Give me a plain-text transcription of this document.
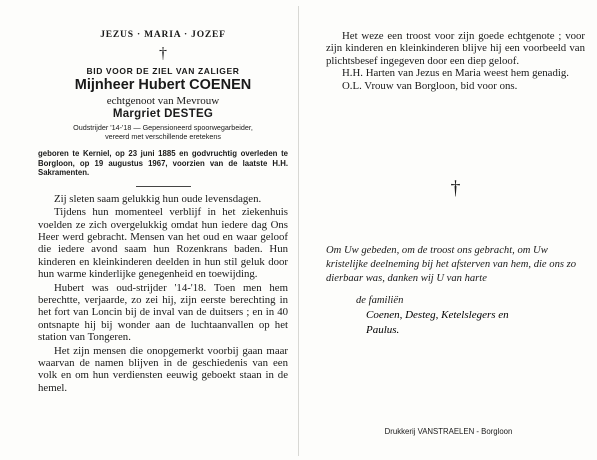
JEZUS · MARIA · JOZEF
†
BID VOOR DE ZIEL VAN ZALIGER
Mijnheer Hubert COENEN
echtgenoot van Mevrouw
Margriet DESTEG
Oudstrijder '14-'18 — Gepensioneerd spoorwegarbeider,
vereerd met verschillende eretekens
geboren te Kerniel, op 23 juni 1885 en godvruchtig overleden te Borgloon, op 19 augustus 1967, voorzien van de laatste H.H. Sakramenten.

Zij sleten saam gelukkig hun oude levensdagen.

Tijdens hun momenteel verblijf in het ziekenhuis voelden ze zich overgelukkig omdat hun iedere dag Ons Heer werd gebracht. Mensen van het oud en waar geloof die iedere avond saam hun Rozenkrans baden. Hun kinderen en kleinkinderen deelden in hun stil geluk door hun warme kinderlijke genegenheid en toewijding.

Hubert was oud-strijder '14-'18. Toen men hem berechtte, verjaarde, zo zei hij, zijn eerste berechting in het fort van Loncin bij de inval van de duitsers ; en in 40 ontsnapte hij bij wonder aan de luchtaanvallen op het station van Tongeren.

Het zijn mensen die onopgemerkt voorbij gaan maar waarvan de namen blijven in de geschiedenis van een volk en om hun verdiensten eeuwig geboekt staan in de hemel.

Het weze een troost voor zijn goede echtgenote ; voor zijn kinderen en kleinkinderen blijve hij een voorbeeld van plichtsbesef ingegeven door een diep geloof.

H.H. Harten van Jezus en Maria weest hem genadig.

O.L. Vrouw van Borgloon, bid voor ons.

†
Om Uw gebeden, om de troost ons gebracht, om Uw kristelijke deelneming bij het afsterven van hem, die ons zo dierbaar was, danken wij U van harte
de familiën
Coenen, Desteg, Ketelslegers en
Paulus.
Drukkerij VANSTRAELEN - Borgloon
